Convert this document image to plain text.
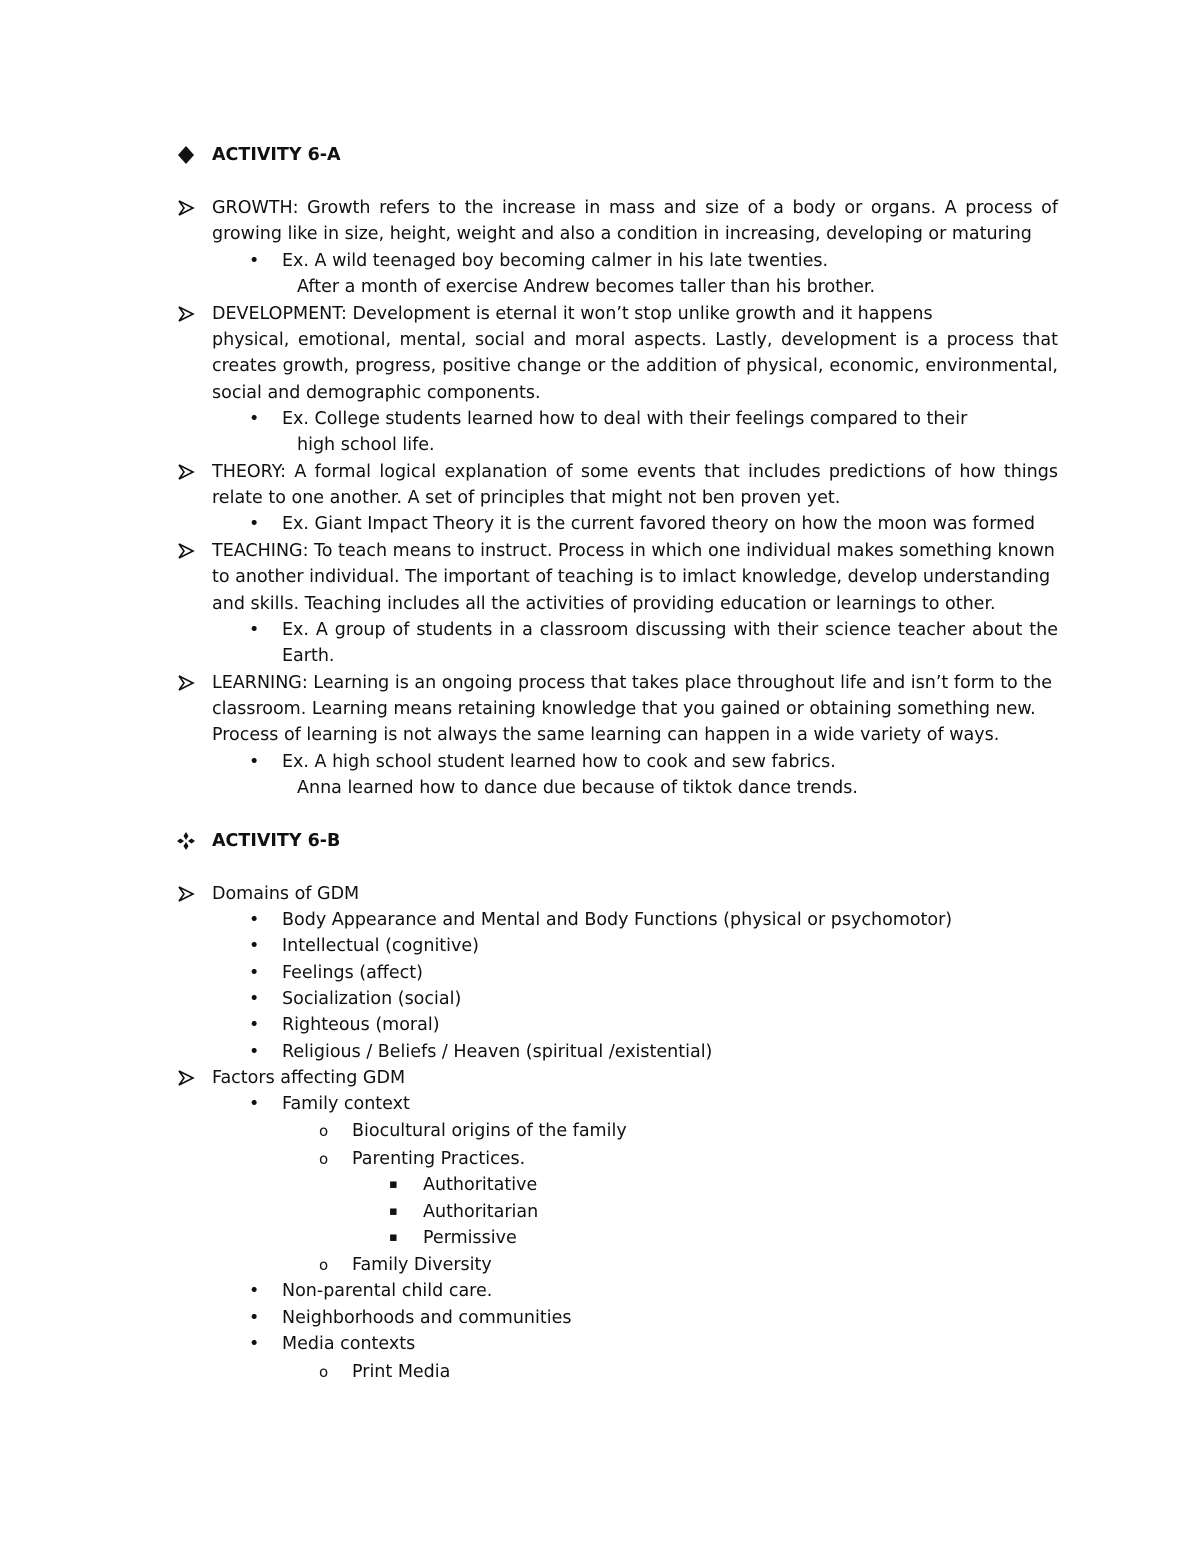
ACTIVITY 6-A
GROWTH: Growth refers to the increase in mass and size of a body or organs. A process of
growing like in size, height, weight and also a condition in increasing, developing or maturing
• Ex. A wild teenaged boy becoming calmer in his late twenties.
After a month of exercise Andrew becomes taller than his brother.
DEVELOPMENT: Development is eternal it won’t stop unlike growth and it happens
physical, emotional, mental, social and moral aspects. Lastly, development is a process that
creates growth, progress, positive change or the addition of physical, economic, environmental,
social and demographic components.
• Ex. College students learned how to deal with their feelings compared to their
high school life.
THEORY: A formal logical explanation of some events that includes predictions of how things
relate to one another. A set of principles that might not ben proven yet.
• Ex. Giant Impact Theory it is the current favored theory on how the moon was formed
TEACHING: To teach means to instruct. Process in which one individual makes something known
to another individual. The important of teaching is to imlact knowledge, develop understanding
and skills. Teaching includes all the activities of providing education or learnings to other.
• Ex. A group of students in a classroom discussing with their science teacher about the
Earth.
LEARNING: Learning is an ongoing process that takes place throughout life and isn’t form to the
classroom. Learning means retaining knowledge that you gained or obtaining something new.
Process of learning is not always the same learning can happen in a wide variety of ways.
• Ex. A high school student learned how to cook and sew fabrics.
Anna learned how to dance due because of tiktok dance trends.
ACTIVITY 6-B
Domains of GDM
• Body Appearance and Mental and Body Functions (physical or psychomotor)
• Intellectual (cognitive)
• Feelings (affect)
• Socialization (social)
• Righteous (moral)
• Religious / Beliefs / Heaven (spiritual /existential)
Factors affecting GDM
• Family context
o Biocultural origins of the family
o Parenting Practices.
▪ Authoritative
▪ Authoritarian
▪ Permissive
o Family Diversity
• Non-parental child care.
• Neighborhoods and communities
• Media contexts
o Print Media
